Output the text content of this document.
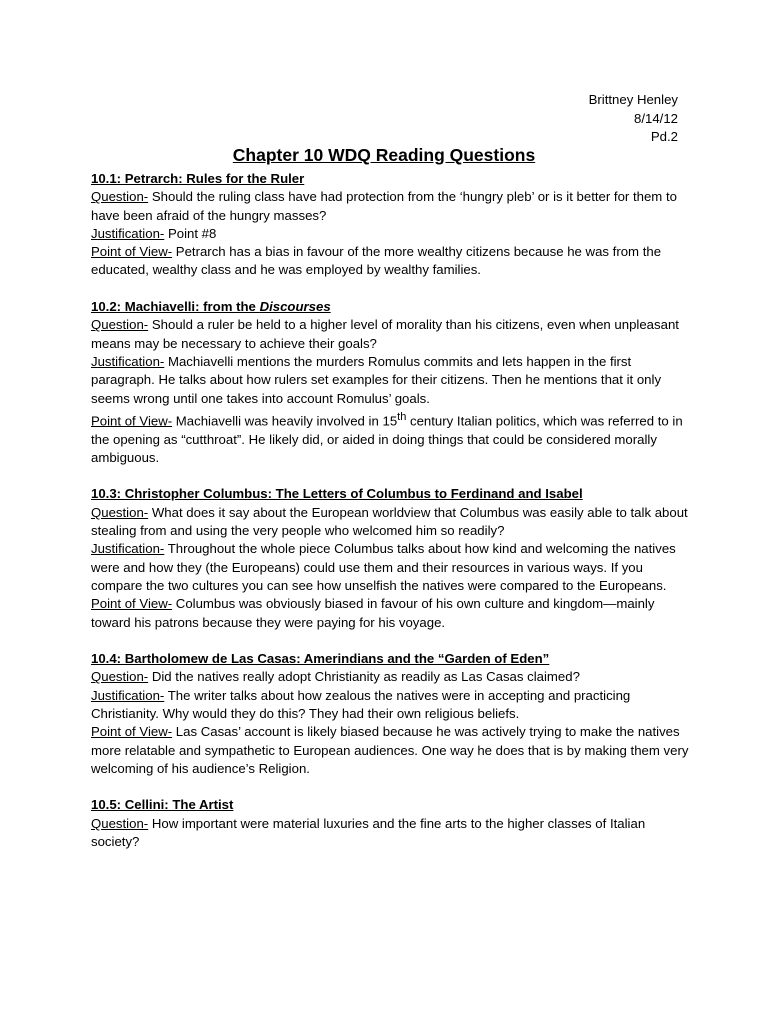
Brittney Henley
8/14/12
Pd.2
Chapter 10 WDQ Reading Questions
10.1: Petrarch: Rules for the Ruler

Question- Should the ruling class have had protection from the ‘hungry pleb’ or is it better for them to have been afraid of the hungry masses?

Justification- Point #8

Point of View- Petrarch has a bias in favour of the more wealthy citizens because he was from the educated, wealthy class and he was employed by wealthy families.

10.2: Machiavelli: from the Discourses

Question- Should a ruler be held to a higher level of morality than his citizens, even when unpleasant means may be necessary to achieve their goals?

Justification- Machiavelli mentions the murders Romulus commits and lets happen in the first paragraph. He talks about how rulers set examples for their citizens. Then he mentions that it only seems wrong until one takes into account Romulus’ goals.

Point of View- Machiavelli was heavily involved in 15th century Italian politics, which was referred to in the opening as “cutthroat”. He likely did, or aided in doing things that could be considered morally ambiguous.

10.3: Christopher Columbus: The Letters of Columbus to Ferdinand and Isabel

Question- What does it say about the European worldview that Columbus was easily able to talk about stealing from and using the very people who welcomed him so readily?

Justification- Throughout the whole piece Columbus talks about how kind and welcoming the natives were and how they (the Europeans) could use them and their resources in various ways. If you compare the two cultures you can see how unselfish the natives were compared to the Europeans.

Point of View- Columbus was obviously biased in favour of his own culture and kingdom—mainly toward his patrons because they were paying for his voyage.

10.4: Bartholomew de Las Casas: Amerindians and the “Garden of Eden”

Question- Did the natives really adopt Christianity as readily as Las Casas claimed?

Justification- The writer talks about how zealous the natives were in accepting and practicing Christianity. Why would they do this? They had their own religious beliefs.

Point of View- Las Casas’ account is likely biased because he was actively trying to make the natives more relatable and sympathetic to European audiences. One way he does that is by making them very welcoming of his audience’s Religion.

10.5: Cellini: The Artist

Question- How important were material luxuries and the fine arts to the higher classes of Italian society?
